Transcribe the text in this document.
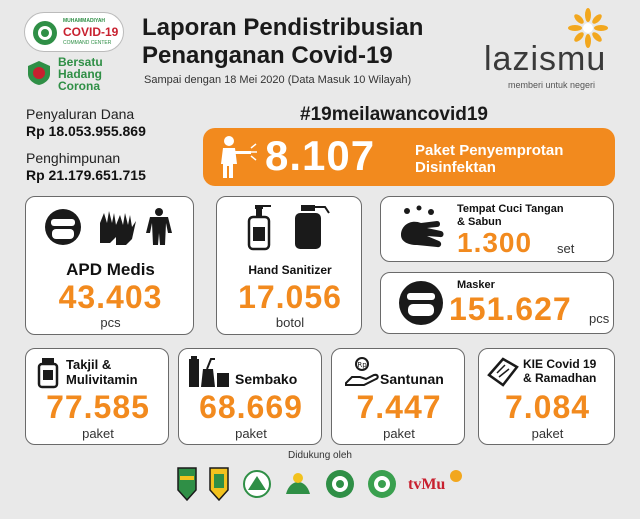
MUHAMMADIYAH
COVID-19
COMMAND CENTER
Bersatu
Hadang
Corona
Laporan Pendistribusian
Penanganan Covid-19
Sampai dengan 18 Mei 2020 (Data Masuk 10 Wilayah)
lazismu
memberi untuk negeri
Penyaluran Dana
Rp 18.053.955.869
Penghimpunan
Rp 21.179.651.715
#19meilawancovid19
8.107	Paket Penyemprotan
Disinfektan
APD Medis
43.403
pcs
Hand Sanitizer
17.056
botol
Tempat Cuci Tangan
& Sabun
1.300 set
Masker
151.627 pcs
Takjil &
Mulivitamin
77.585
paket
Sembako
68.669
paket
Rp
Santunan
7.447
paket
KIE Covid 19
& Ramadhan
7.084
paket
Didukung oleh
tvMu
